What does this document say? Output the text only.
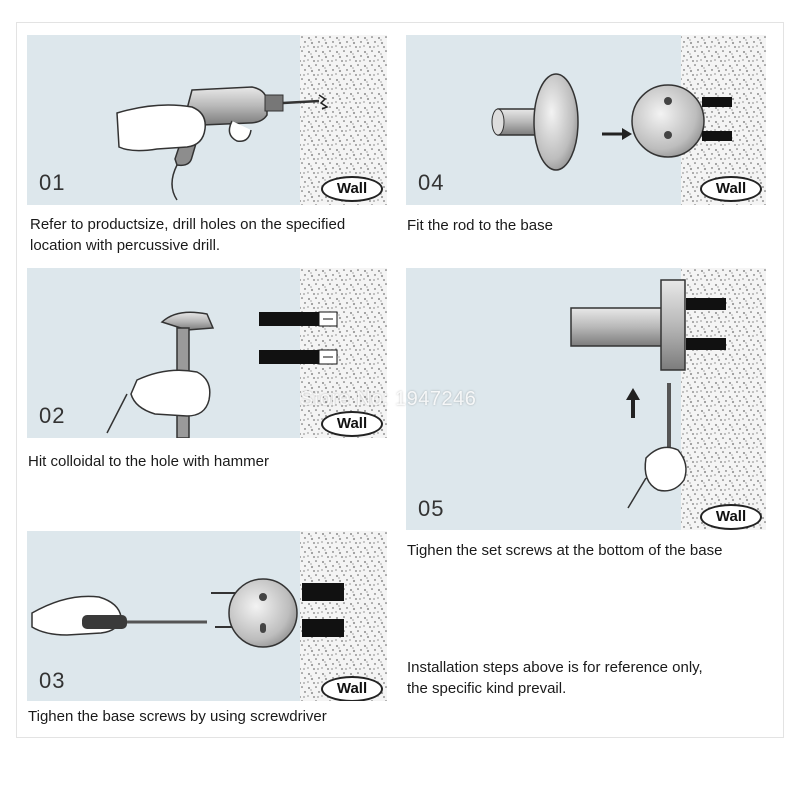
01	Wall
Refer to productsize, drill holes on the specified
location with percussive drill.
02	Wall
Hit colloidal to the hole with hammer
03	Wall
Tighen the base screws by using screwdriver
04	Wall
Fit the rod to the base
05	Wall
Tighen the set screws at the bottom of the base
Installation steps above is for reference only,
the specific kind prevail.
Store No: 1947246
